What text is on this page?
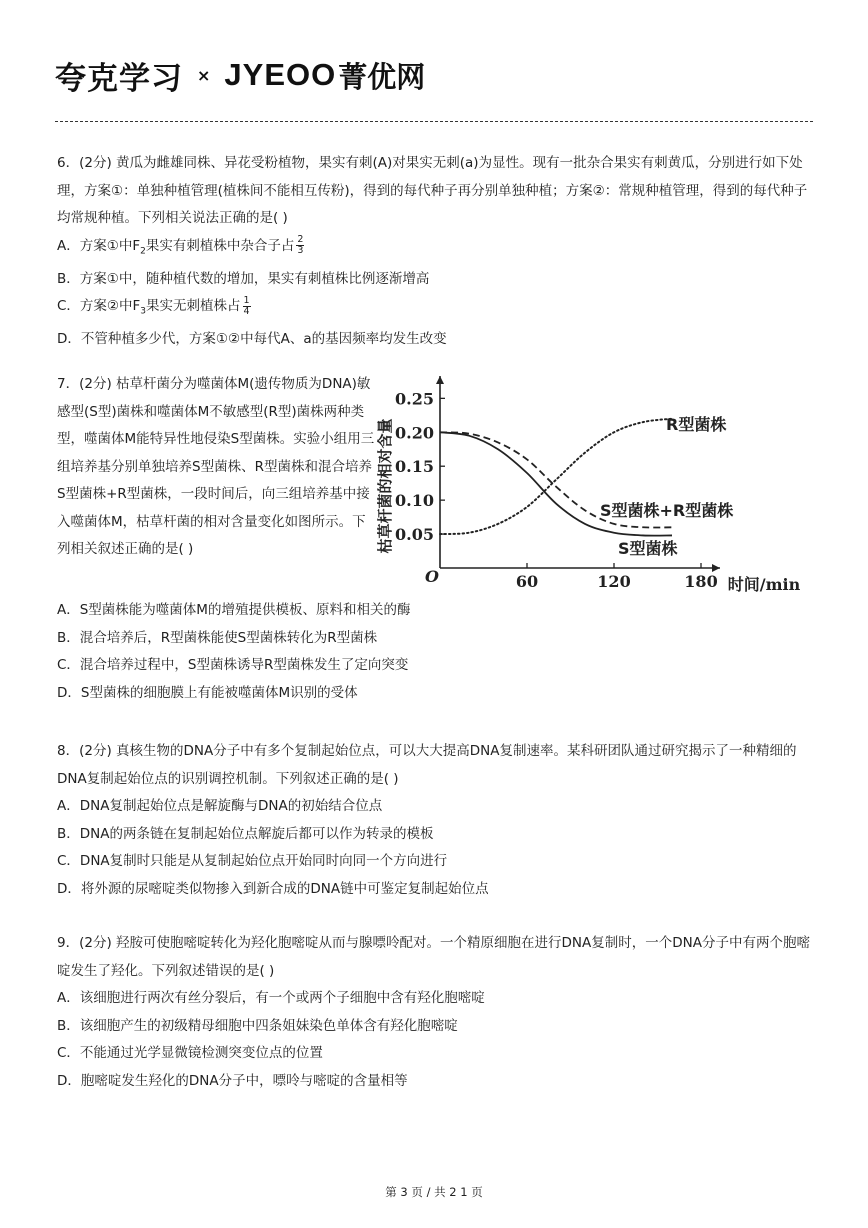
夸克学习 × JYEOO 菁优网

6．(2分) 黄瓜为雌雄同株、异花受粉植物，果实有刺(A)对果实无刺(a)为显性。现有一批杂合果实有刺黄瓜，分别进行如下处理，方案①：单独种植管理(植株间不能相互传粉)，得到的每代种子再分别单独种植；方案②：常规种植管理，得到的每代种子均常规种植。下列相关说法正确的是( )

A．方案①中$F_2$果实有刺植株中杂合子占 $\frac{2}{3}$

B．方案①中，随种植代数的增加，果实有刺植株比例逐渐增高

C．方案②中$F_3$果实无刺植株占 $\frac{1}{4}$

D．不管种植多少代，方案①②中每代A、a的基因频率均发生改变

7．(2分) 枯草杆菌分为噬菌体M(遗传物质为DNA)敏感型(S型)菌株和噬菌体M不敏感型(R型)菌株两种类型，噬菌体M能特异性地侵染S型菌株。实验小组用三组培养基分别单独培养S型菌株、R型菌株和混合培养S型菌株+R型菌株，一段时间后，向三组培养基中接入噬菌体M，枯草杆菌的相对含量变化如图所示。下列相关叙述正确的是( )

0.05
0.10
0.15
0.20
0.25
60	120	180
R型菌株
S型菌株+R型菌株
S型菌株
枯草杆菌的相对含量
时间/min
O

A．S型菌株能为噬菌体M的增殖提供模板、原料和相关的酶

B．混合培养后，R型菌株能使S型菌株转化为R型菌株

C．混合培养过程中，S型菌株诱导R型菌株发生了定向突变

D．S型菌株的细胞膜上有能被噬菌体M识别的受体

8．(2分) 真核生物的DNA分子中有多个复制起始位点，可以大大提高DNA复制速率。某科研团队通过研究揭示了一种精细的DNA复制起始位点的识别调控机制。下列叙述正确的是( )

A．DNA复制起始位点是解旋酶与DNA的初始结合位点

B．DNA的两条链在复制起始位点解旋后都可以作为转录的模板

C．DNA复制时只能是从复制起始位点开始同时向同一个方向进行

D．将外源的尿嘧啶类似物掺入到新合成的DNA链中可鉴定复制起始位点

9．(2分) 羟胺可使胞嘧啶转化为羟化胞嘧啶从而与腺嘌呤配对。一个精原细胞在进行DNA复制时，一个DNA分子中有两个胞嘧啶发生了羟化。下列叙述错误的是( )

A．该细胞进行两次有丝分裂后，有一个或两个子细胞中含有羟化胞嘧啶

B．该细胞产生的初级精母细胞中四条姐妹染色单体含有羟化胞嘧啶

C．不能通过光学显微镜检测突变位点的位置

D．胞嘧啶发生羟化的DNA分子中，嘌呤与嘧啶的含量相等

第 3 页 / 共 2 1 页
